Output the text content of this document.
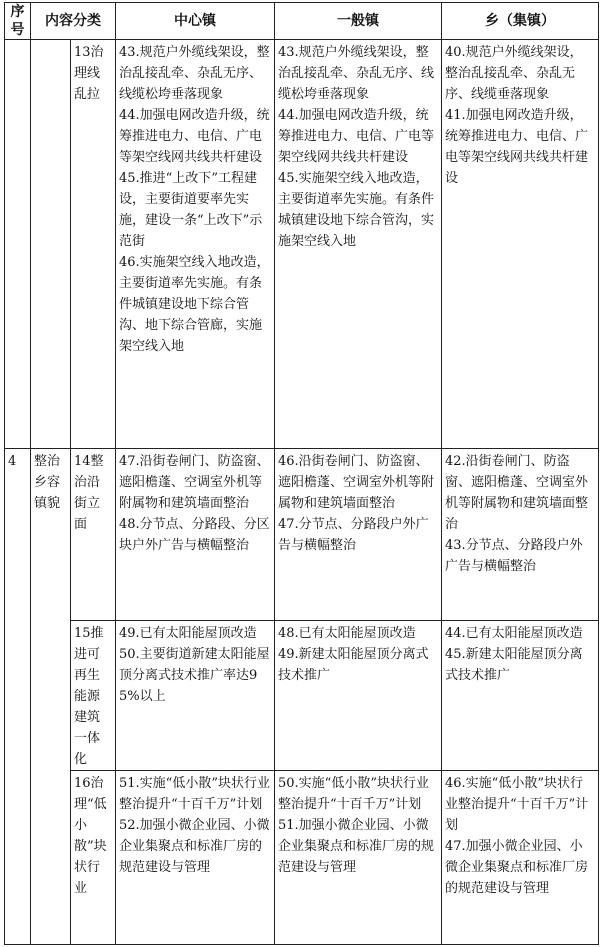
序号	内容分类		中心镇	一般镇	乡（集镇）
		13治理线乱拉	43.规范户外缆线架设，整治乱接乱牵、杂乱无序、线缆松垮垂落现象
44.加强电网改造升级，统筹推进电力、电信、广电等架空线网共线共杆建设
45.推进“上改下”工程建设，主要街道要率先实施，建设一条“上改下”示范街
46.实施架空线入地改造，主要街道率先实施。有条件城镇建设地下综合管沟、地下综合管廊，实施架空线入地	43.规范户外缆线架设，整治乱接乱牵、杂乱无序、线缆松垮垂落现象
44.加强电网改造升级，统筹推进电力、电信、广电等架空线网共线共杆建设
45.实施架空线入地改造，主要街道率先实施。有条件城镇建设地下综合管沟，实施架空线入地	40.规范户外缆线架设，整治乱接乱牵、杂乱无序、线缆垂落现象
41.加强电网改造升级，统筹推进电力、电信、广电等架空线网共线共杆建设
4	整治乡容镇貌	14整治沿街立面	47.沿街卷闸门、防盗窗、遮阳檐蓬、空调室外机等附属物和建筑墙面整治
48.分节点、分路段、分区块户外广告与横幅整治	46.沿街卷闸门、防盗窗、遮阳檐蓬、空调室外机等附属物和建筑墙面整治
47.分节点、分路段户外广告与横幅整治	42.沿街卷闸门、防盗窗、遮阳檐蓬、空调室外机等附属物和建筑墙面整治
43.分节点、分路段户外广告与横幅整治
		15推进可再生能源建筑一体化	49.已有太阳能屋顶改造
50.主要街道新建太阳能屋顶分离式技术推广率达95%以上	48.已有太阳能屋顶改造
49.新建太阳能屋顶分离式技术推广	44.已有太阳能屋顶改造
45.新建太阳能屋顶分离式技术推广
		16治理“低小散”块状行业	51.实施“低小散”块状行业整治提升“十百千万”计划
52.加强小微企业园、小微企业集聚点和标准厂房的规范建设与管理	50.实施“低小散”块状行业整治提升“十百千万”计划
51.加强小微企业园、小微企业集聚点和标准厂房的规范建设与管理	46.实施“低小散”块状行业整治提升“十百千万”计划
47.加强小微企业园、小微企业集聚点和标准厂房的规范建设与管理
